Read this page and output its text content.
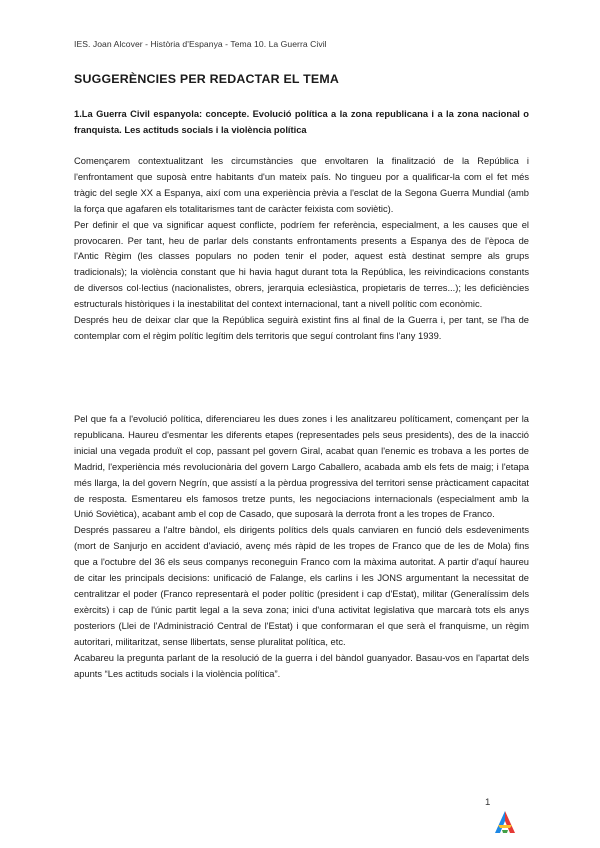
IES. Joan Alcover - Història d'Espanya - Tema 10. La Guerra Civil
SUGGERÈNCIES PER REDACTAR EL TEMA
1.La Guerra Civil espanyola: concepte. Evolució política a la zona republicana i a la zona nacional o franquista. Les actituds socials i la violència política

Començarem contextualitzant les circumstàncies que envoltaren la finalització de la República i l'enfrontament que suposà entre habitants d'un mateix país. No tingueu por a qualificar-la com el fet més tràgic del segle XX a Espanya, així com una experiència prèvia a l'esclat de la Segona Guerra Mundial (amb la força que agafaren els totalitarismes tant de caràcter feixista com soviètic).

Per definir el que va significar aquest conflicte, podríem fer referència, especialment, a les causes que el provocaren. Per tant, heu de parlar dels constants enfrontaments presents a Espanya des de l'època de l'Antic Règim (les classes populars no poden tenir el poder, aquest està destinat sempre als grups tradicionals); la violència constant que hi havia hagut durant tota la República, les reivindicacions constants de diversos col·lectius (nacionalistes, obrers, jerarquia eclesiàstica, propietaris de terres...); les deficiències estructurals històriques i la inestabilitat del context internacional, tant a nivell polític com econòmic.

Després heu de deixar clar que la República seguirà existint fins al final de la Guerra i, per tant, se l'ha de contemplar com el règim polític legítim dels territoris que seguí controlant fins l'any 1939.

Pel que fa a l'evolució política, diferenciareu les dues zones i les analitzareu políticament, començant per la republicana. Haureu d'esmentar les diferents etapes (representades pels seus presidents), des de la inacció inicial una vegada produït el cop, passant pel govern Giral, acabat quan l'enemic es trobava a les portes de Madrid, l'experiència més revolucionària del govern Largo Caballero, acabada amb els fets de maig; i l'etapa més llarga, la del govern Negrín, que assistí a la pèrdua progressiva del territori sense pràcticament capacitat de resposta. Esmentareu els famosos tretze punts, les negociacions internacionals (especialment amb la Unió Soviètica), acabant amb el cop de Casado, que suposarà la derrota front a les tropes de Franco.

Després passareu a l'altre bàndol, els dirigents polítics dels quals canviaren en funció dels esdeveniments (mort de Sanjurjo en accident d'aviació, avenç més ràpid de les tropes de Franco que de les de Mola) fins que a l'octubre del 36 els seus companys reconeguin Franco com la màxima autoritat. A partir d'aquí haureu de citar les principals decisions: unificació de Falange, els carlins i les JONS argumentant la necessitat de centralitzar el poder (Franco representarà el poder polític (president i cap d'Estat), militar (Generalíssim dels exèrcits) i cap de l'únic partit legal a la seva zona; inici d'una activitat legislativa que marcarà tots els anys posteriors (Llei de l'Administració Central de l'Estat) i que conformaran el que serà el franquisme, un règim autoritari, militaritzat, sense llibertats, sense pluralitat política, etc.

Acabareu la pregunta parlant de la resolució de la guerra i del bàndol guanyador. Basau-vos en l'apartat dels apunts “Les actituds socials i la violència política”.

1
